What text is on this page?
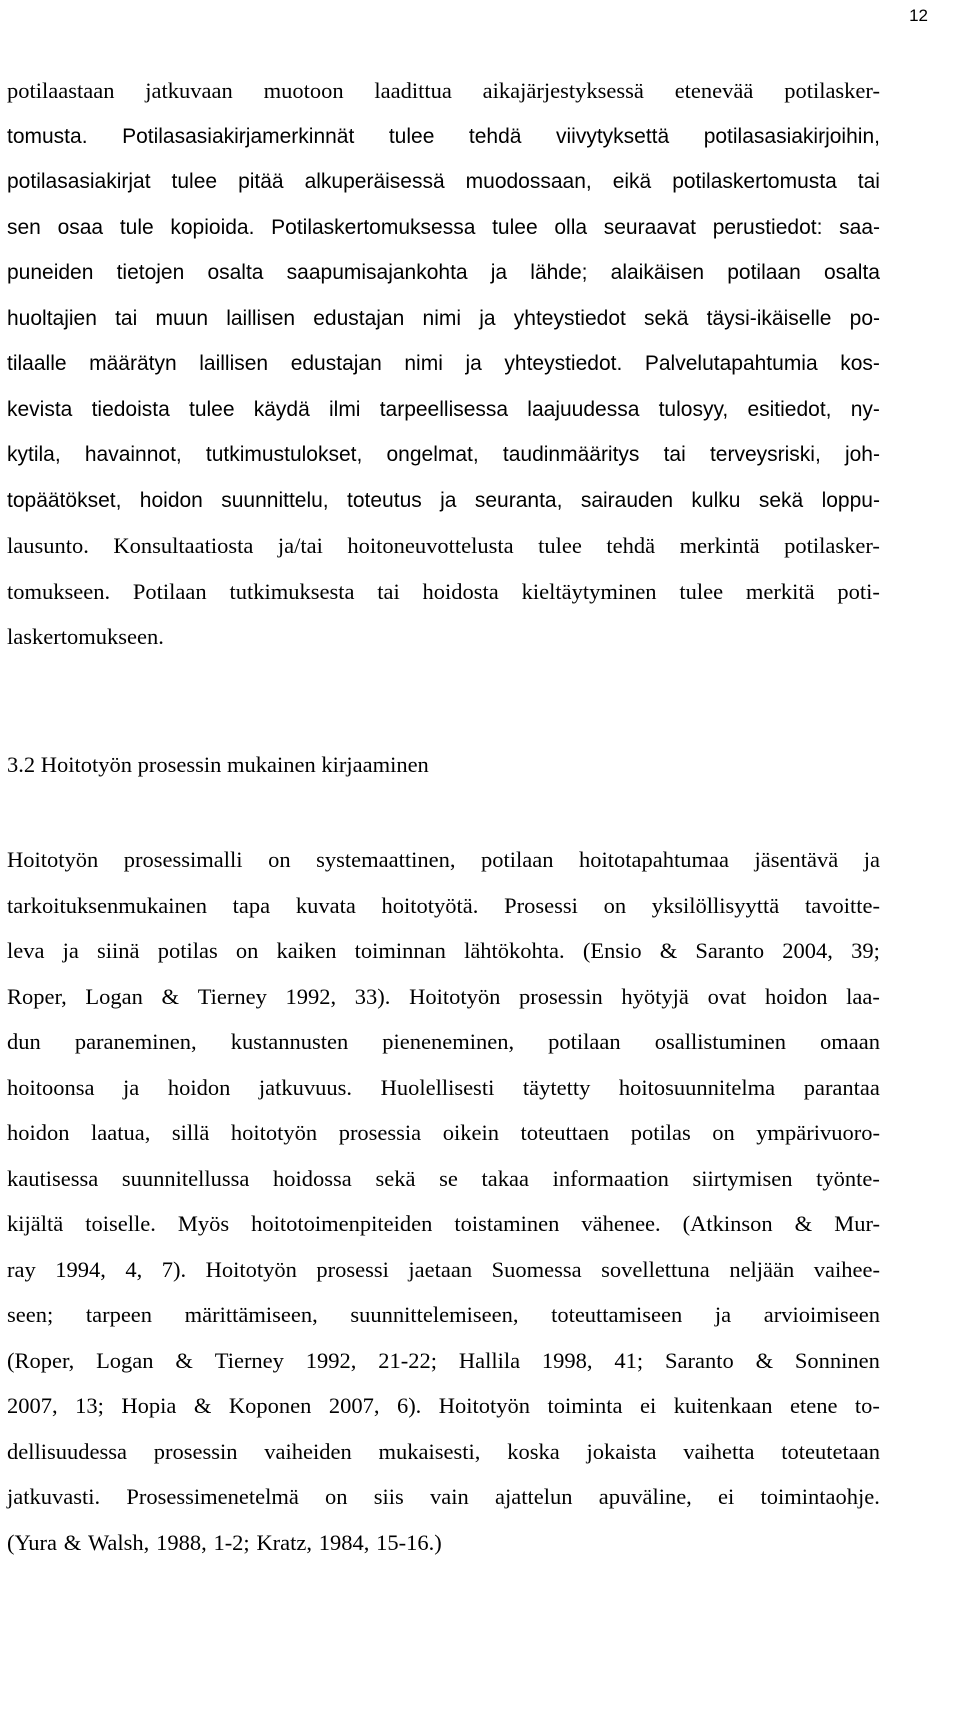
12
potilaastaan jatkuvaan muotoon laadittua aikajärjestyksessä etenevää potilasker-
tomusta. Potilasasiakirjamerkinnät tulee tehdä viivytyksettä potilasasiakirjoihin,
potilasasiakirjat tulee pitää alkuperäisessä muodossaan, eikä potilaskertomusta tai
sen osaa tule kopioida. Potilaskertomuksessa tulee olla seuraavat perustiedot: saa-
puneiden tietojen osalta saapumisajankohta ja lähde; alaikäisen potilaan osalta
huoltajien tai muun laillisen edustajan nimi ja yhteystiedot sekä täysi-ikäiselle po-
tilaalle määrätyn laillisen edustajan nimi ja yhteystiedot. Palvelutapahtumia kos-
kevista tiedoista tulee käydä ilmi tarpeellisessa laajuudessa tulosyy, esitiedot, ny-
kytila, havainnot, tutkimustulokset, ongelmat, taudinmääritys tai terveysriski, joh-
topäätökset, hoidon suunnittelu, toteutus ja seuranta, sairauden kulku sekä loppu-
lausunto. Konsultaatiosta ja/tai hoitoneuvottelusta tulee tehdä merkintä potilasker-
tomukseen. Potilaan tutkimuksesta tai hoidosta kieltäytyminen tulee merkitä poti-
laskertomukseen.
3.2 Hoitotyön prosessin mukainen kirjaaminen
Hoitotyön prosessimalli on systemaattinen, potilaan hoitotapahtumaa jäsentävä ja
tarkoituksenmukainen tapa kuvata hoitotyötä. Prosessi on yksilöllisyyttä tavoitte-
leva ja siinä potilas on kaiken toiminnan lähtökohta. (Ensio & Saranto 2004, 39;
Roper, Logan & Tierney 1992, 33). Hoitotyön prosessin hyötyjä ovat hoidon laa-
dun paraneminen, kustannusten pieneneminen, potilaan osallistuminen omaan
hoitoonsa ja hoidon jatkuvuus. Huolellisesti täytetty hoitosuunnitelma parantaa
hoidon laatua, sillä hoitotyön prosessia oikein toteuttaen potilas on ympärivuoro-
kautisessa suunnitellussa hoidossa sekä se takaa informaation siirtymisen työnte-
kijältä toiselle. Myös hoitotoimenpiteiden toistaminen vähenee. (Atkinson & Mur-
ray 1994, 4, 7). Hoitotyön prosessi jaetaan Suomessa sovellettuna neljään vaihee-
seen; tarpeen märittämiseen, suunnittelemiseen, toteuttamiseen ja arvioimiseen
(Roper, Logan & Tierney 1992, 21-22; Hallila 1998, 41; Saranto & Sonninen
2007, 13; Hopia & Koponen 2007, 6). Hoitotyön toiminta ei kuitenkaan etene to-
dellisuudessa prosessin vaiheiden mukaisesti, koska jokaista vaihetta toteutetaan
jatkuvasti. Prosessimenetelmä on siis vain ajattelun apuväline, ei toimintaohje.
(Yura & Walsh, 1988, 1-2; Kratz, 1984, 15-16.)
